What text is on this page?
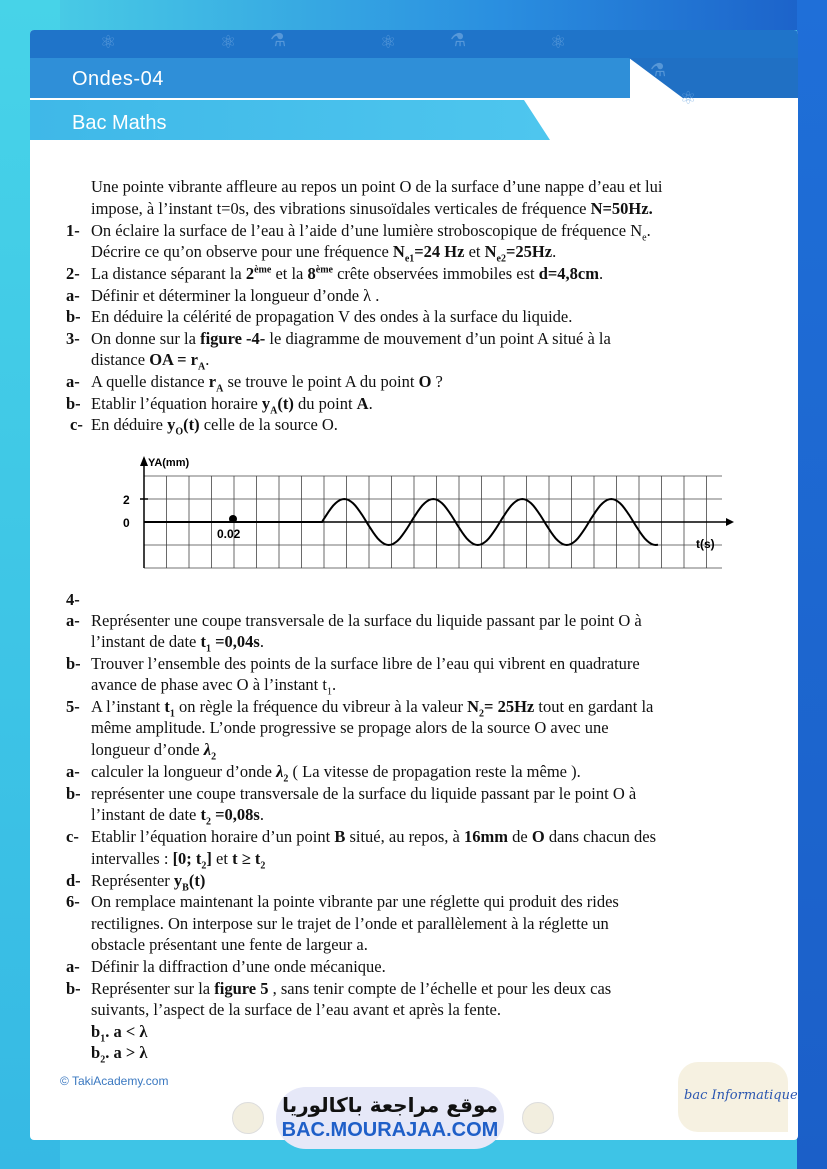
⚛	⚛	⚛	⚛
⚛
⚗	⚗
⚗
Ondes-04
Bac Maths
Une pointe vibrante affleure au repos un point O de la surface d’une nappe d’eau et lui
impose, à l’instant t=0s, des vibrations sinusoïdales verticales de fréquence N=50Hz.
1- On éclaire la surface de l’eau à l’aide d’une lumière stroboscopique de fréquence $N_e$.
Décrire ce qu’on observe pour une fréquence $N_{e1}=24$ Hz et $N_{e2}=25Hz$.
2- La distance séparant la 2ème et la 8ème crête observées immobiles est d=4,8cm.
a- Définir et déterminer la longueur d’onde λ .
b- En déduire la célérité de propagation V des ondes à la surface du liquide.
3- On donne sur la figure -4- le diagramme de mouvement d’un point A situé à la
distance OA = $r_A$.
a- A quelle distance $r_A$ se trouve le point A du point O ?
b- Etablir l’équation horaire $y_A(t)$ du point A.
c- En déduire $y_O(t)$ celle de la source O.
YA(mm)
2
0
0.02
t(s)
4-
a- Représenter une coupe transversale de la surface du liquide passant par le point O à
l’instant de date $t_1 =0,04s$.
b- Trouver l’ensemble des points de la surface libre de l’eau qui vibrent en quadrature
avance de phase avec O à l’instant $t_1$.
5- A l’instant $t_1$ on règle la fréquence du vibreur à la valeur $N_2= 25Hz$ tout en gardant la
même amplitude. L’onde progressive se propage alors de la source O avec une
longueur d’onde $\lambda_2$
a- calculer la longueur d’onde $\lambda_2$ ( La vitesse de propagation reste la même ).
b- représenter une coupe transversale de la surface du liquide passant par le point O à
l’instant de date $t_2 =0,08s$.
c- Etablir l’équation horaire d’un point B situé, au repos, à 16mm de O dans chacun des
intervalles : [0; $t_2$] et $t \ge t_2$
d- Représenter $y_B(t)$
6- On remplace maintenant la pointe vibrante par une réglette qui produit des rides
rectilignes. On interpose sur le trajet de l’onde et parallèlement à la réglette un
obstacle présentant une fente de largeur a.
a- Définir la diffraction d’une onde mécanique.
b- Représenter sur la figure 5 , sans tenir compte de l’échelle et pour les deux cas
suivants, l’aspect de la surface de l’eau avant et après la fente.
$b_1$. a < λ
$b_2$. a > λ
© TakiAcademy.com
موقع مراجعة باكالوريا
BAC.MOURAJAA.COM
bac Informatique
